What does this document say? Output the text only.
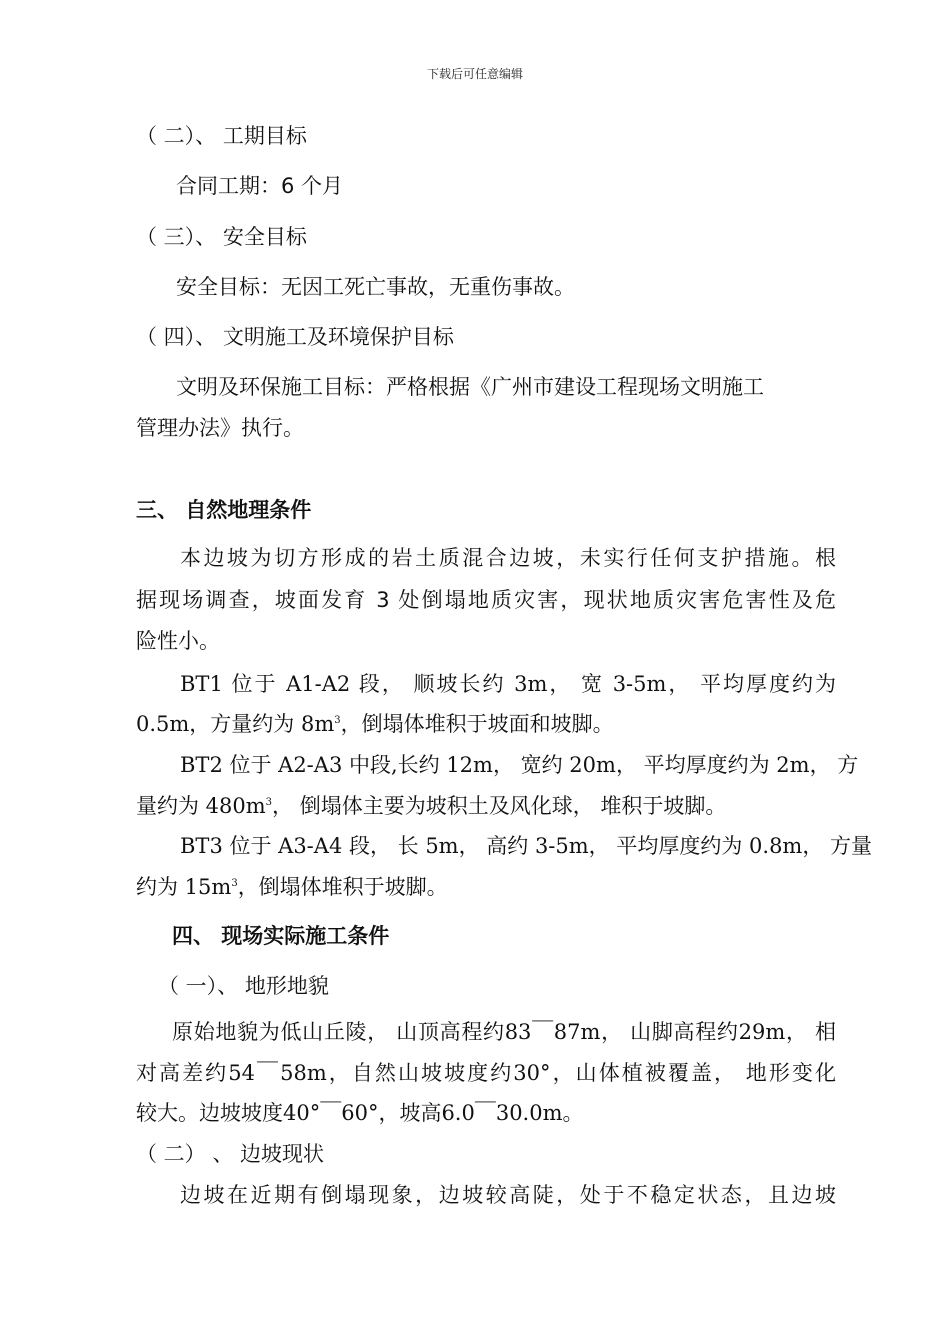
下载后可任意编辑
（ 二）、 工期目标
合同工期：6 个月
（ 三）、 安全目标
安全目标：无因工死亡事故，无重伤事故。
（ 四）、 文明施工及环境保护目标
文明及环保施工目标：严格根据《广州市建设工程现场文明施工
管理办法》执行。
三、 自然地理条件
本边坡为切方形成的岩土质混合边坡，未实行任何支护措施。根
据现场调查，坡面发育 3 处倒塌地质灾害，现状地质灾害危害性及危
险性小。
BT1 位于 A1-A2 段， 顺坡长约 3m， 宽 3-5m， 平均厚度约为
0.5m，方量约为 $8m^3$，倒塌体堆积于坡面和坡脚。
BT2 位于 A2-A3 中段,长约 12m， 宽约 20m， 平均厚度约为 2m， 方
量约为 $480m^3$， 倒塌体主要为坡积土及风化球， 堆积于坡脚。
BT3 位于 A3-A4 段， 长 5m， 高约 3-5m， 平均厚度约为 0.8m， 方量
约为 $15m^3$，倒塌体堆积于坡脚。
四、 现场实际施工条件
（ 一）、 地形地貌
原始地貌为低山丘陵， 山顶高程约83￣87m， 山脚高程约29m， 相
对高差约54￣58m，自然山坡坡度约30°，山体植被覆盖， 地形变化
较大。边坡坡度40°￣60°，坡高6.0￣30.0m。
（ 二） 、 边坡现状
边坡在近期有倒塌现象，边坡较高陡，处于不稳定状态，且边坡
